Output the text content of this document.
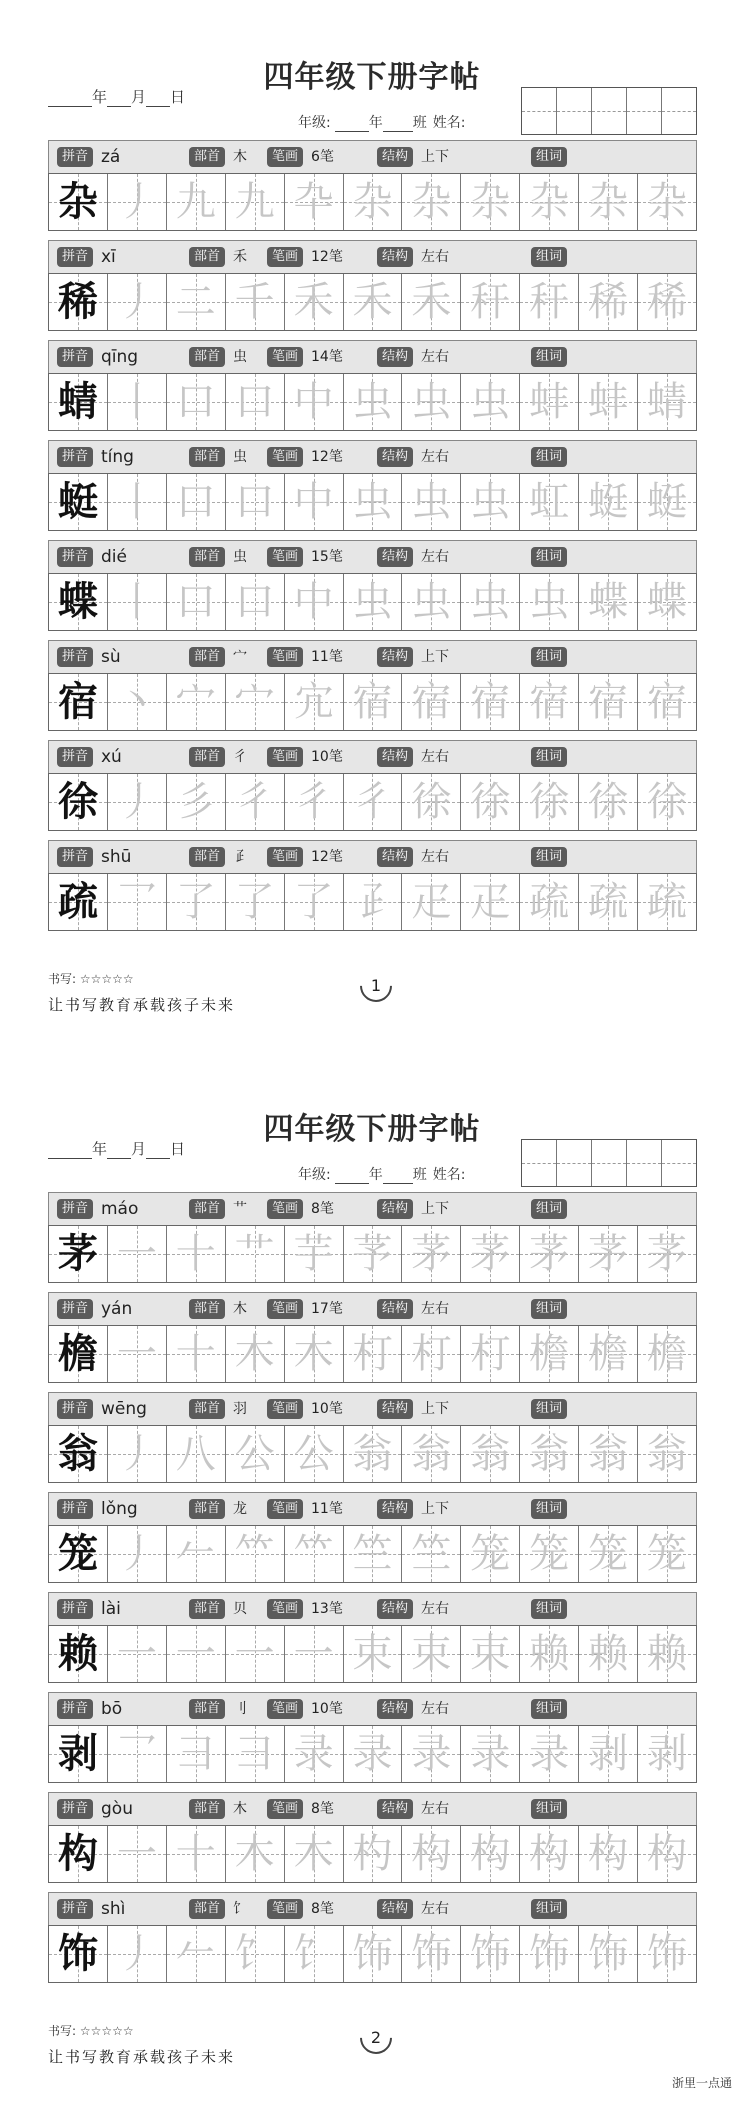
四年级下册字帖
年 月 日
年级:	年 班 姓名:
拼音	部首	笔画	结构	组词
zá	木	6笔	上下
杂 丿 九 九 卆 杂 杂 杂 杂 杂 杂
拼音	部首	笔画	结构	组词
xī	禾	12笔	左右
稀 丿 二 千 禾 禾 禾 秆 秆 稀 稀
拼音	部首	笔画	结构	组词
qīng	虫	14笔	左右
蜻 丨 口 口 中 虫 虫 虫 蚌 蚌 蜻
拼音	部首	笔画	结构	组词
tíng	虫	12笔	左右
蜓 丨 口 口 中 虫 虫 虫 虹 蜓 蜓
拼音	部首	笔画	结构	组词
dié	虫	15笔	左右
蝶 丨 口 口 中 虫 虫 虫 虫 蝶 蝶
拼音	部首	笔画	结构	组词
sù	宀	11笔	上下
宿 丶 宀 宀 宂 宿 宿 宿 宿 宿 宿
拼音	部首	笔画	结构	组词
xú	彳	10笔	左右
徐 丿 彡 彳 彳 彳 徐 徐 徐 徐 徐
拼音	部首	笔画	结构	组词
shū	𤴔	12笔	左右
疏 乛 了 了 了 𤴔 疋 疋 疏 疏 疏
书写: ☆☆☆☆☆
让书写教育承载孩子未来
1
四年级下册字帖
年 月 日
年级:	年 班 姓名:
拼音	部首	笔画	结构	组词
máo	艹	8笔	上下
茅 一 十 艹 芋 芧 茅 茅 茅 茅 茅
拼音	部首	笔画	结构	组词
yán	木	17笔	左右
檐 一 十 木 木 朾 朾 朾 檐 檐 檐
拼音	部首	笔画	结构	组词
wēng	羽	10笔	上下
翁 丿 八 公 公 翁 翁 翁 翁 翁 翁
拼音	部首	笔画	结构	组词
lǒng	龙	11笔	上下
笼 丿 𠂉 𥫗 𥫗 竺 竺 笼 笼 笼 笼
拼音	部首	笔画	结构	组词
lài	贝	13笔	左右
赖 一 一 一 一 束 束 束 赖 赖 赖
拼音	部首	笔画	结构	组词
bō	刂	10笔	左右
剥 乛 彐 彐 录 录 录 录 录 剥 剥
拼音	部首	笔画	结构	组词
gòu	木	8笔	左右
构 一 十 木 木 杓 构 构 构 构 构
拼音	部首	笔画	结构	组词
shì	饣	8笔	左右
饰 丿 𠂉 饣 饣 饰 饰 饰 饰 饰 饰
书写: ☆☆☆☆☆
让书写教育承载孩子未来
2
浙里一点通
